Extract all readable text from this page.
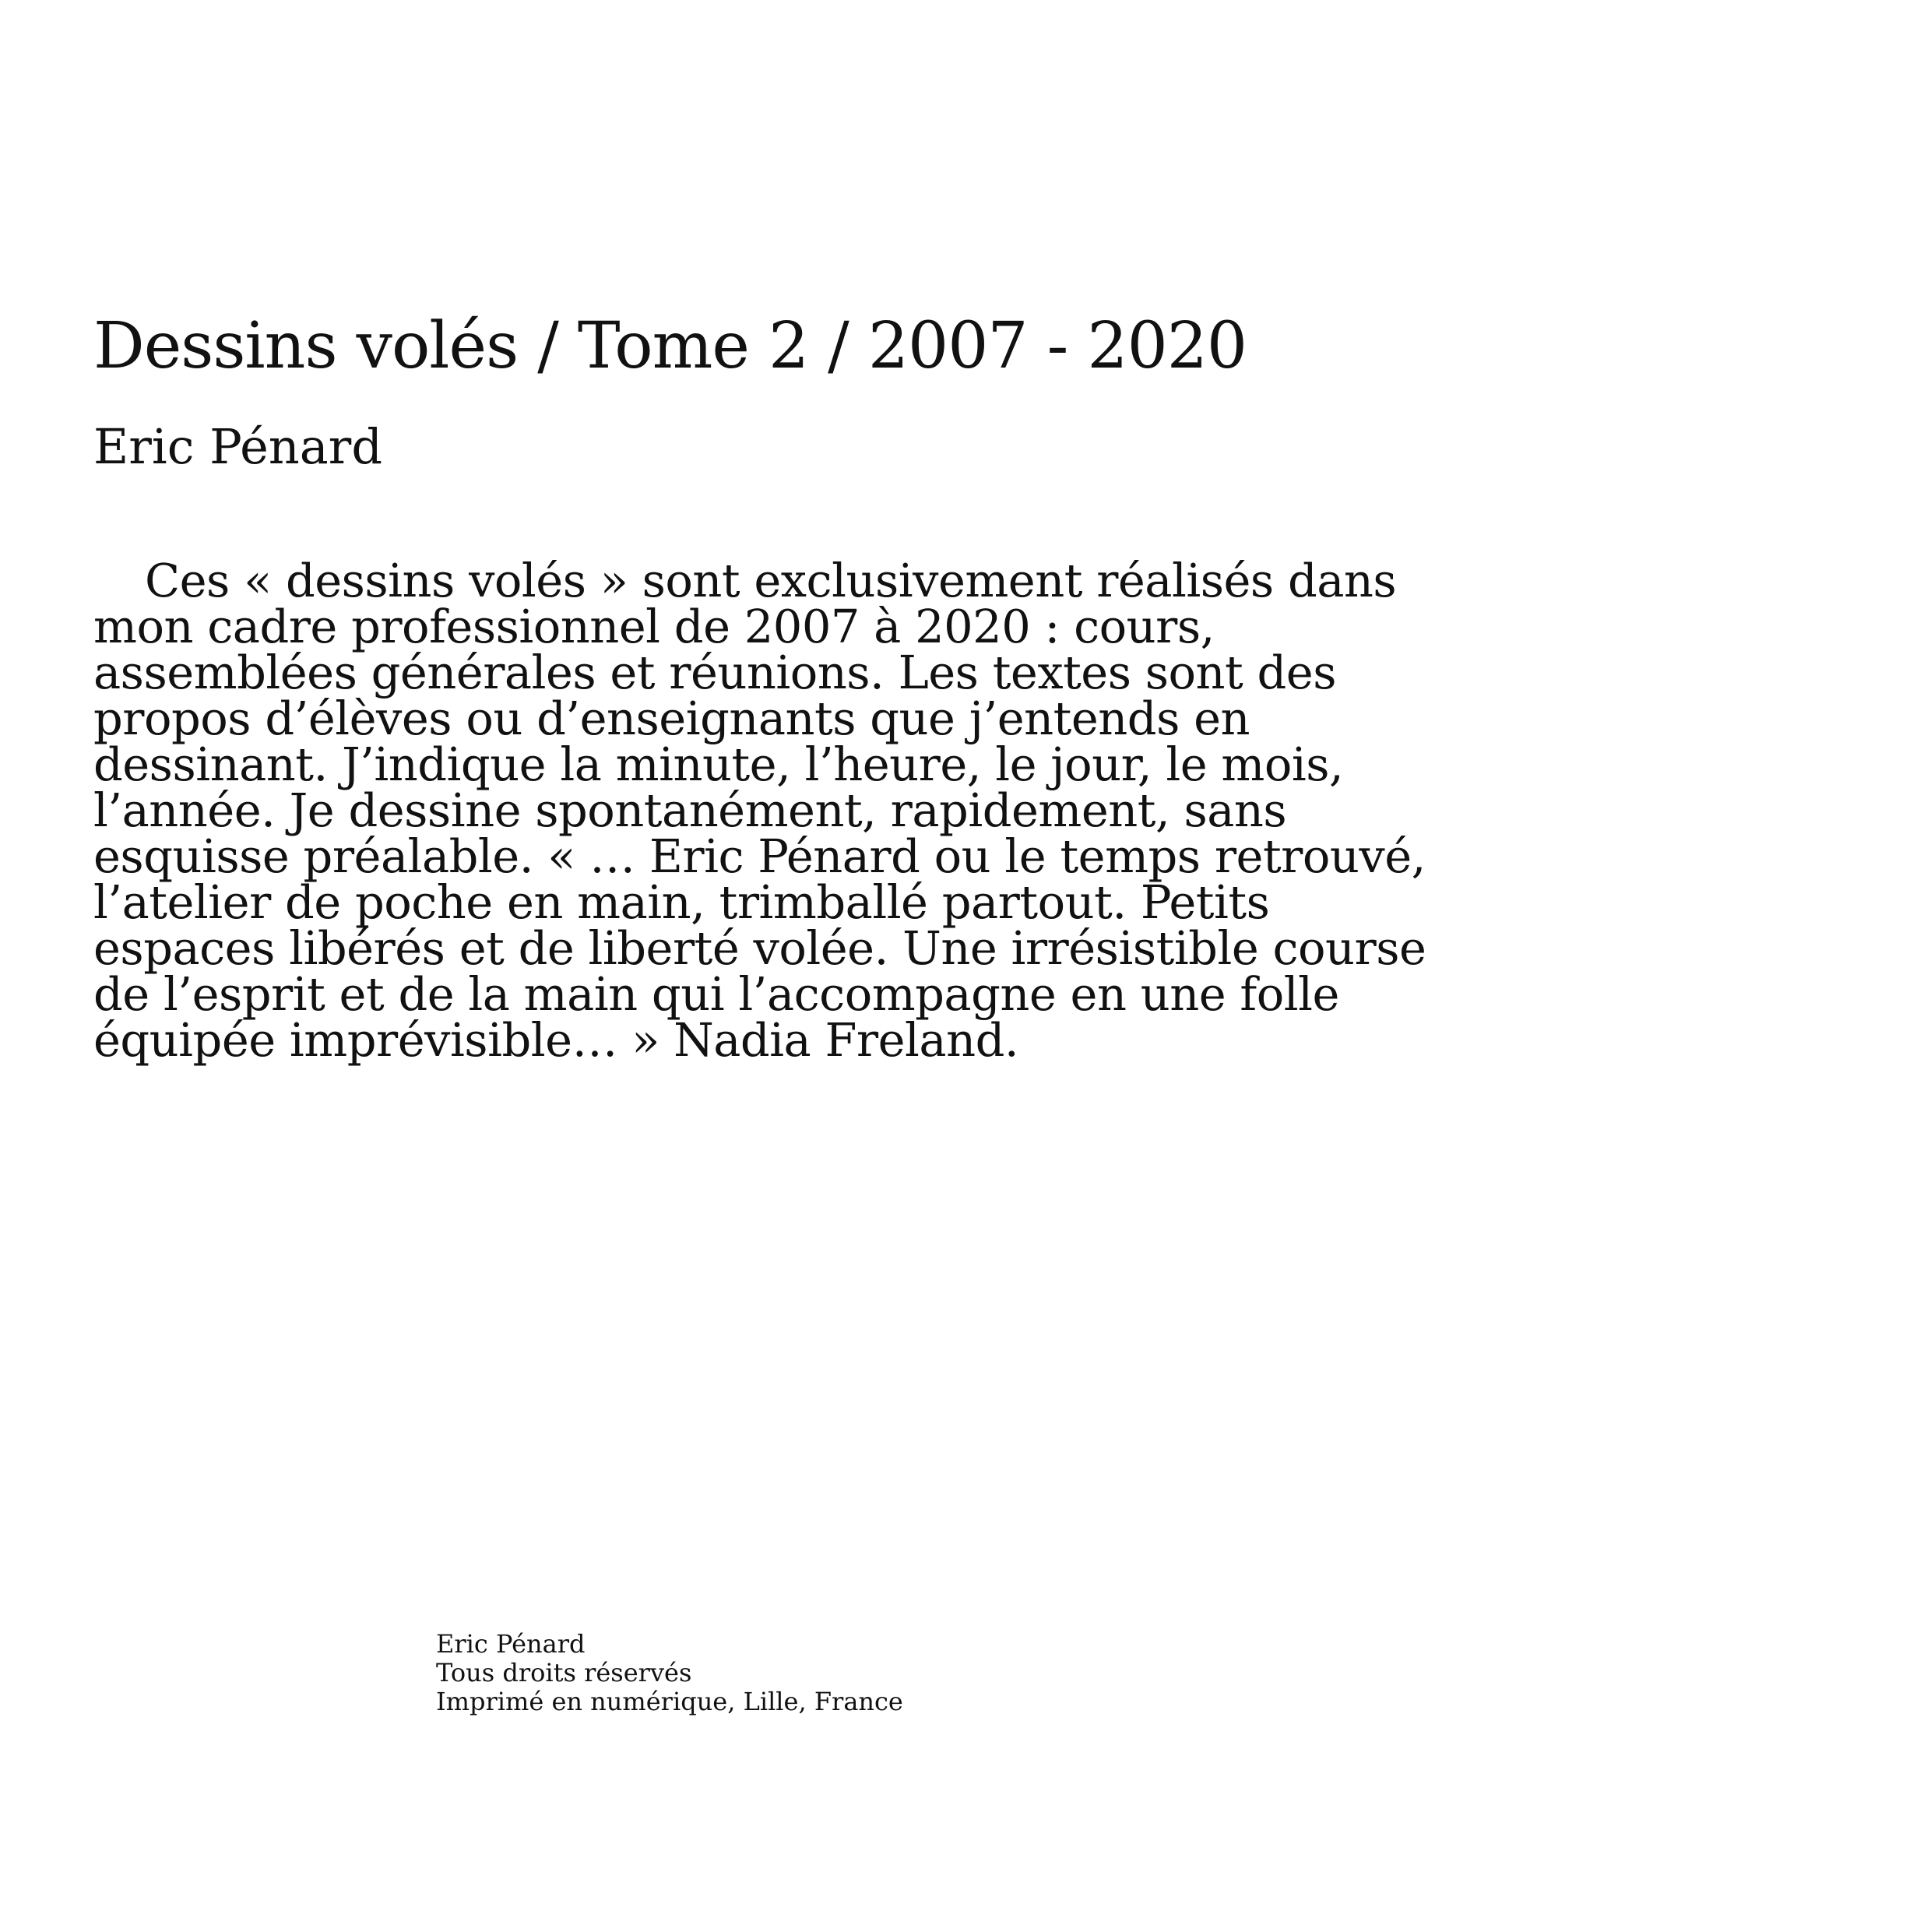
Dessins volés / Tome 2 / 2007 - 2020
Eric Pénard

Ces « dessins volés » sont exclusivement réalisés dans mon cadre professionnel de 2007 à 2020 : cours, assemblées générales et réunions. Les textes sont des propos d’élèves ou d’enseignants que j’entends en dessinant. J’indique la minute, l’heure, le jour, le mois, l’année. Je dessine spontanément, rapidement, sans esquisse préalable. « … Eric Pénard ou le temps retrouvé, l’atelier de poche en main, trimballé partout. Petits espaces libérés et de liberté volée. Une irrésistible course de l’esprit et de la main qui l’accompagne en une folle équipée imprévisible… » Nadia Freland.

Eric Pénard
Tous droits réservés
Imprimé en numérique, Lille, France
